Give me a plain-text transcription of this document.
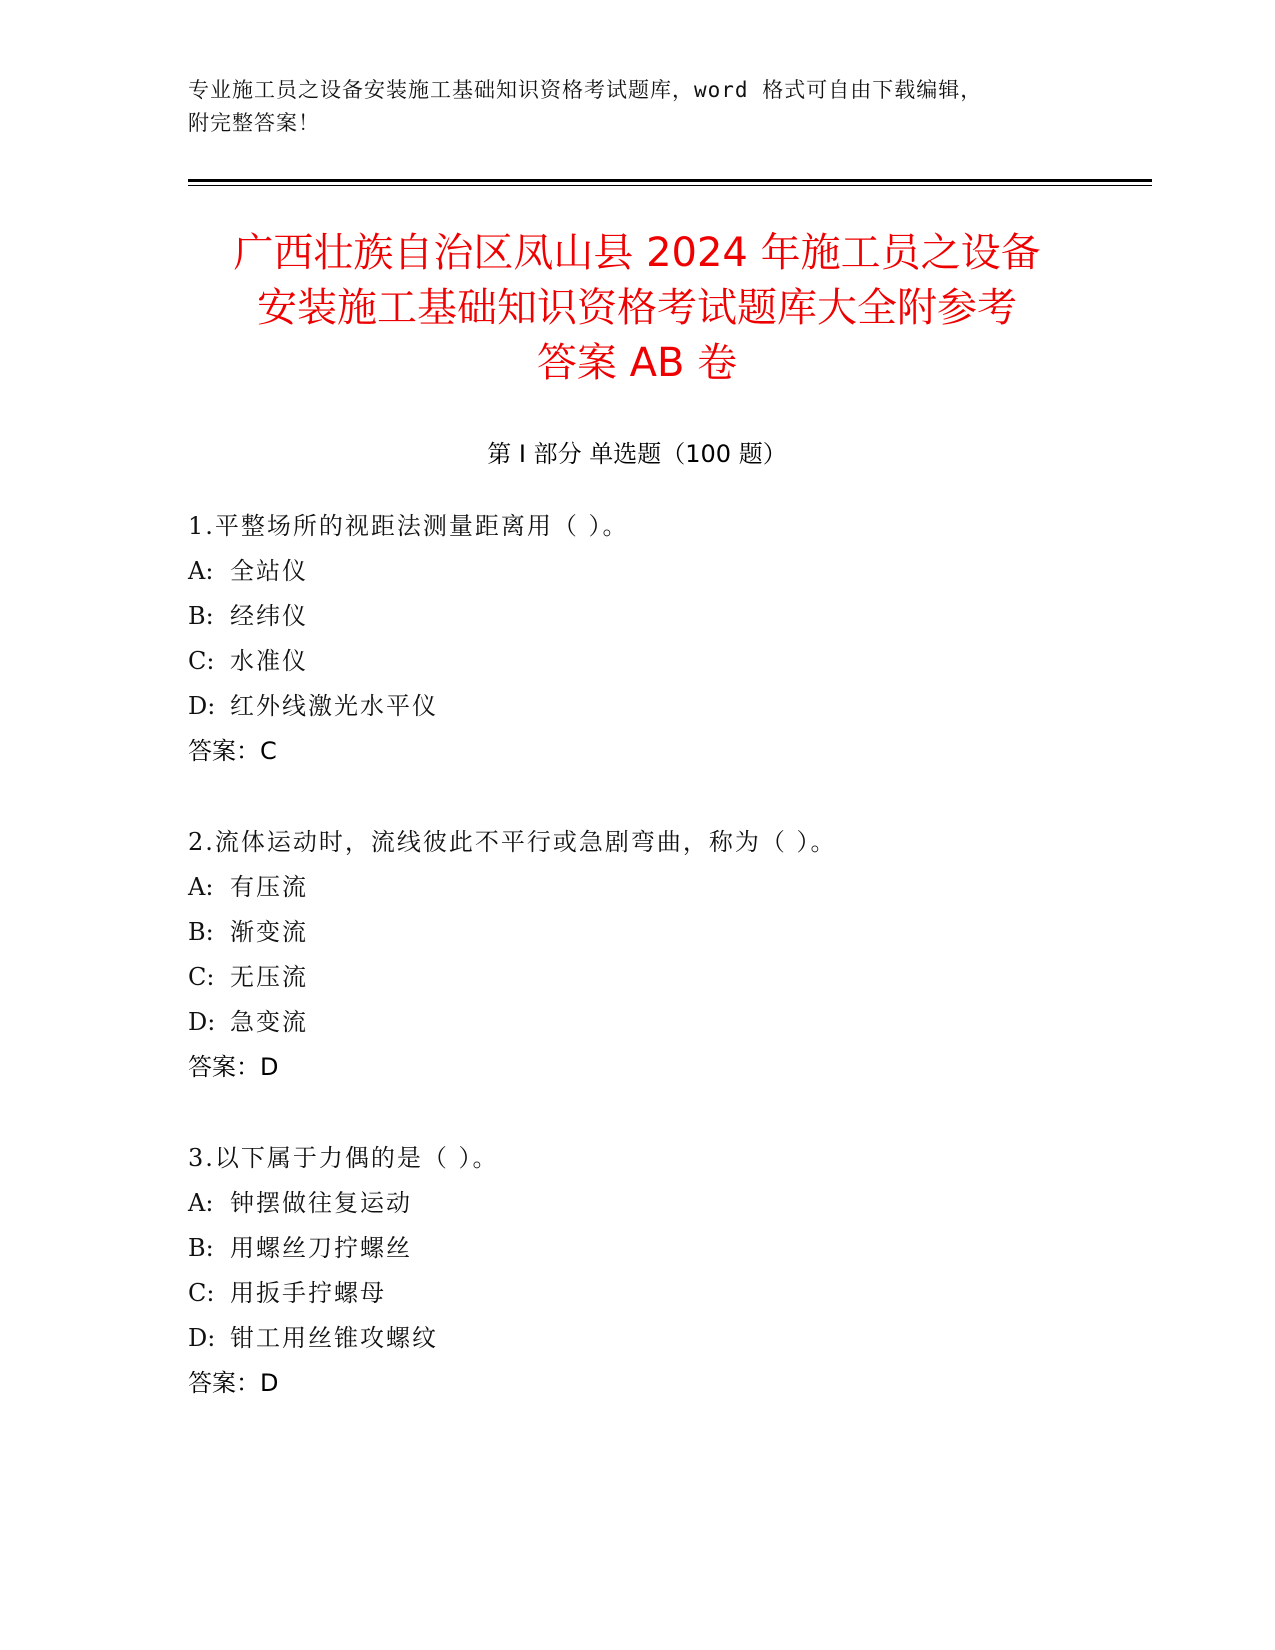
专业施工员之设备安装施工基础知识资格考试题库，word 格式可自由下载编辑，
附完整答案！
广西壮族自治区凤山县 2024 年施工员之设备
安装施工基础知识资格考试题库大全附参考
答案 AB 卷
第 I 部分 单选题（100 题）
1.平整场所的视距法测量距离用（ ）。
A: 全站仪
B: 经纬仪
C: 水准仪
D: 红外线激光水平仪
答案：C
2.流体运动时，流线彼此不平行或急剧弯曲，称为（ ）。
A: 有压流
B: 渐变流
C: 无压流
D: 急变流
答案：D
3.以下属于力偶的是（ ）。
A: 钟摆做往复运动
B: 用螺丝刀拧螺丝
C: 用扳手拧螺母
D: 钳工用丝锥攻螺纹
答案：D
